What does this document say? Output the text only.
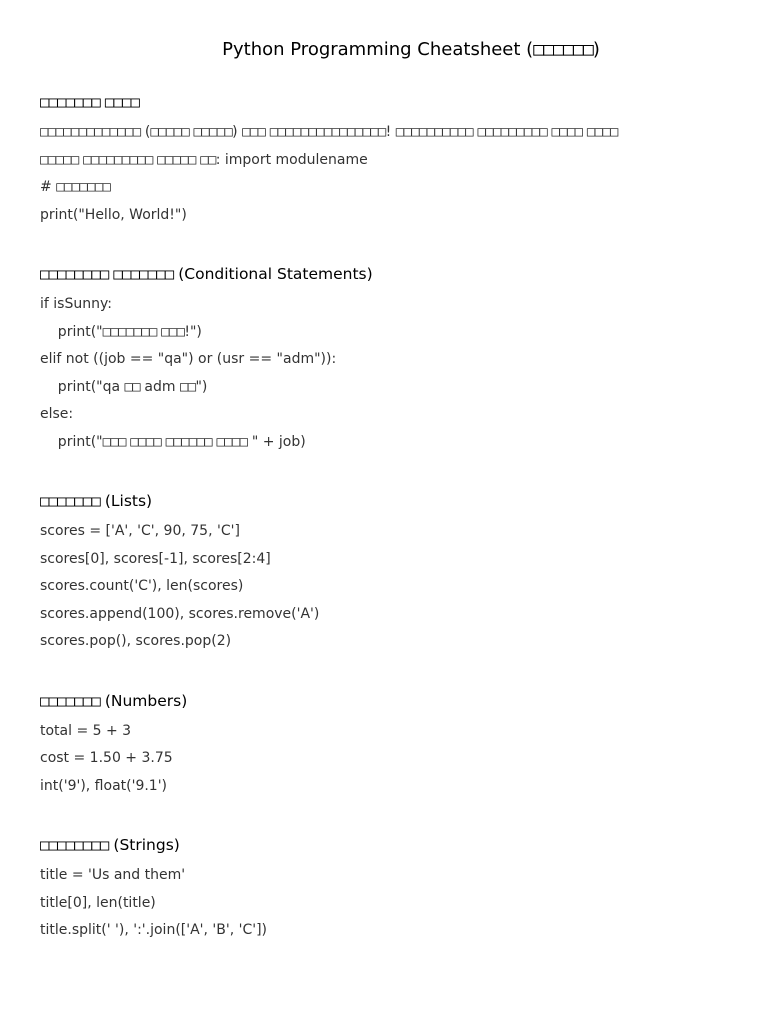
Python Programming Cheatsheet (□□□□□□)
□□□□□□□ □□□□
□□□□□□□□□□□□□ (□□□□□ □□□□□) □□□ □□□□□□□□□□□□□□□! □□□□□□□□□□ □□□□□□□□□ □□□□ □□□□
□□□□□ □□□□□□□□□ □□□□□ □□: import modulename
# □□□□□□□
print("Hello, World!")
□□□□□□□□ □□□□□□□ (Conditional Statements)
if isSunny:
print("□□□□□□□ □□□!")
elif not ((job == "qa") or (usr == "adm")):
print("qa □□ adm □□")
else:
print("□□□ □□□□ □□□□□□ □□□□ " + job)
□□□□□□□ (Lists)
scores = ['A', 'C', 90, 75, 'C']
scores[0], scores[-1], scores[2:4]
scores.count('C'), len(scores)
scores.append(100), scores.remove('A')
scores.pop(), scores.pop(2)
□□□□□□□ (Numbers)
total = 5 + 3
cost = 1.50 + 3.75
int('9'), float('9.1')
□□□□□□□□ (Strings)
title = 'Us and them'
title[0], len(title)
title.split(' '), ':'.join(['A', 'B', 'C'])
